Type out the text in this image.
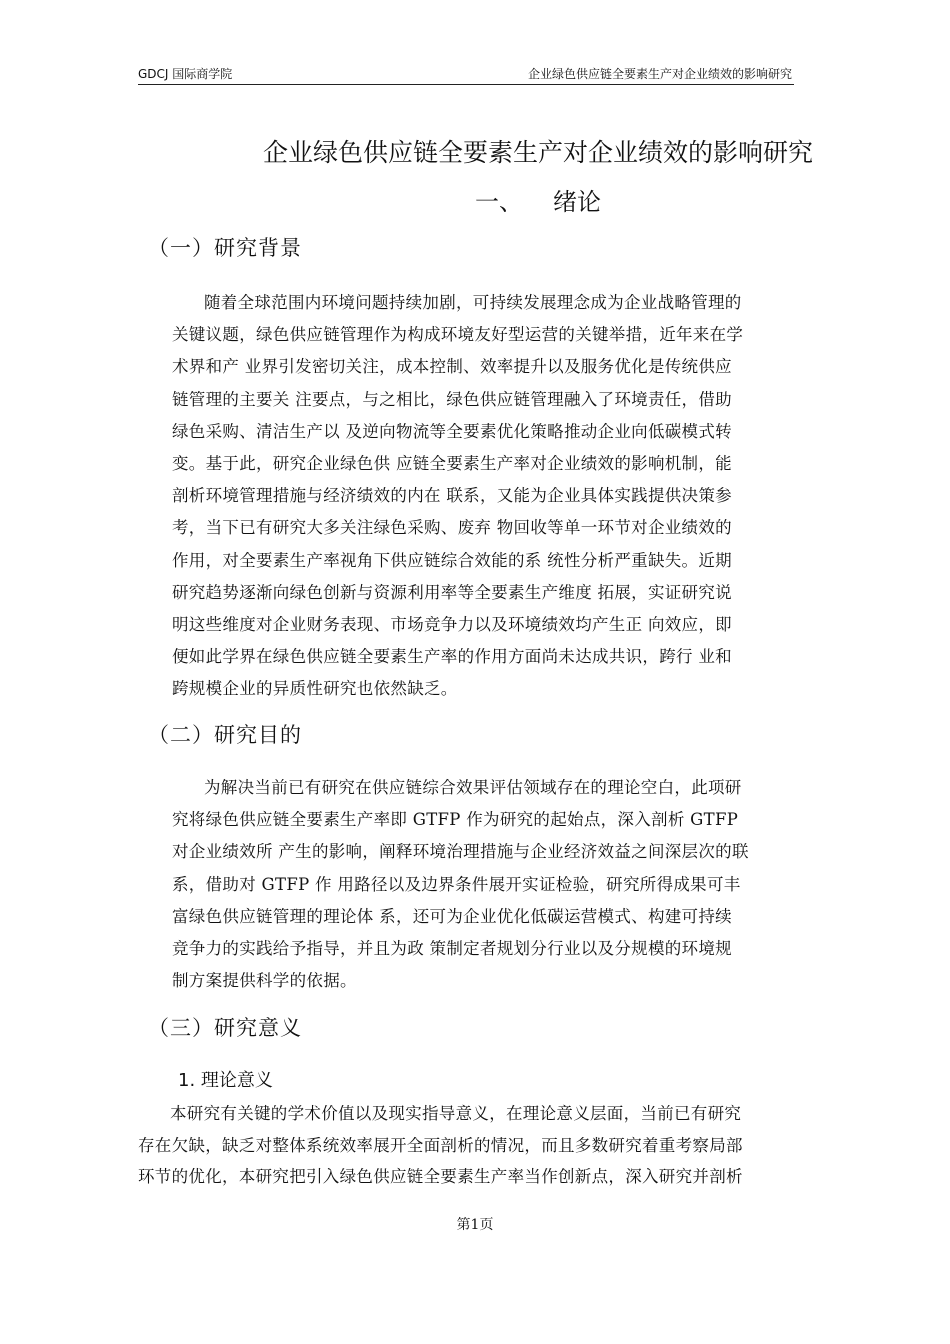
GDCJ 国际商学院	企业绿色供应链全要素生产对企业绩效的影响研究
企业绿色供应链全要素生产对企业绩效的影响研究
一、 绪论
（一）研究背景
随着全球范围内环境问题持续加剧，可持续发展理念成为企业战略管理的
关键议题，绿色供应链管理作为构成环境友好型运营的关键举措，近年来在学
术界和产 业界引发密切关注，成本控制、效率提升以及服务优化是传统供应
链管理的主要关 注要点，与之相比，绿色供应链管理融入了环境责任，借助
绿色采购、清洁生产以 及逆向物流等全要素优化策略推动企业向低碳模式转
变。基于此，研究企业绿色供 应链全要素生产率对企业绩效的影响机制，能
剖析环境管理措施与经济绩效的内在 联系，又能为企业具体实践提供决策参
考，当下已有研究大多关注绿色采购、废弃 物回收等单一环节对企业绩效的
作用，对全要素生产率视角下供应链综合效能的系 统性分析严重缺失。近期
研究趋势逐渐向绿色创新与资源利用率等全要素生产维度 拓展，实证研究说
明这些维度对企业财务表现、市场竞争力以及环境绩效均产生正 向效应，即
便如此学界在绿色供应链全要素生产率的作用方面尚未达成共识，跨行 业和
跨规模企业的异质性研究也依然缺乏。
（二）研究目的
为解决当前已有研究在供应链综合效果评估领域存在的理论空白，此项研
究将绿色供应链全要素生产率即 GTFP 作为研究的起始点，深入剖析 GTFP
对企业绩效所 产生的影响，阐释环境治理措施与企业经济效益之间深层次的联
系，借助对 GTFP 作 用路径以及边界条件展开实证检验，研究所得成果可丰
富绿色供应链管理的理论体 系，还可为企业优化低碳运营模式、构建可持续
竞争力的实践给予指导，并且为政 策制定者规划分行业以及分规模的环境规
制方案提供科学的依据。
（三）研究意义
1. 理论意义
本研究有关键的学术价值以及现实指导意义，在理论意义层面，当前已有研究
存在欠缺，缺乏对整体系统效率展开全面剖析的情况，而且多数研究着重考察局部
环节的优化，本研究把引入绿色供应链全要素生产率当作创新点，深入研究并剖析
第1页
